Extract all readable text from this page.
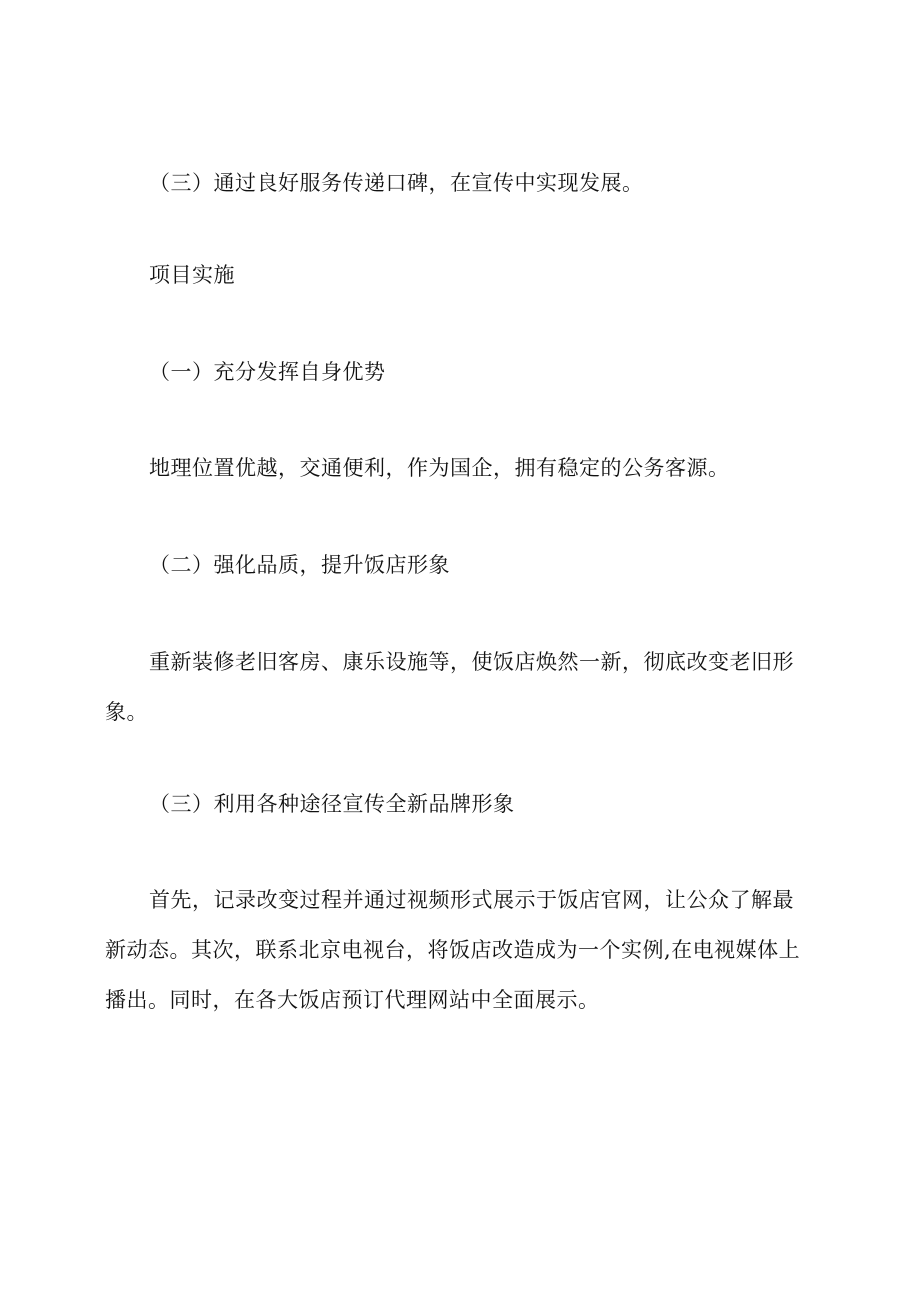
（三）通过良好服务传递口碑，在宣传中实现发展。

项目实施

（一）充分发挥自身优势

地理位置优越，交通便利，作为国企，拥有稳定的公务客源。

（二）强化品质，提升饭店形象

重新装修老旧客房、康乐设施等，使饭店焕然一新，彻底改变老旧形象。

（三）利用各种途径宣传全新品牌形象

首先，记录改变过程并通过视频形式展示于饭店官网，让公众了解最新动态。其次，联系北京电视台，将饭店改造成为一个实例,在电视媒体上播出。同时，在各大饭店预订代理网站中全面展示。
